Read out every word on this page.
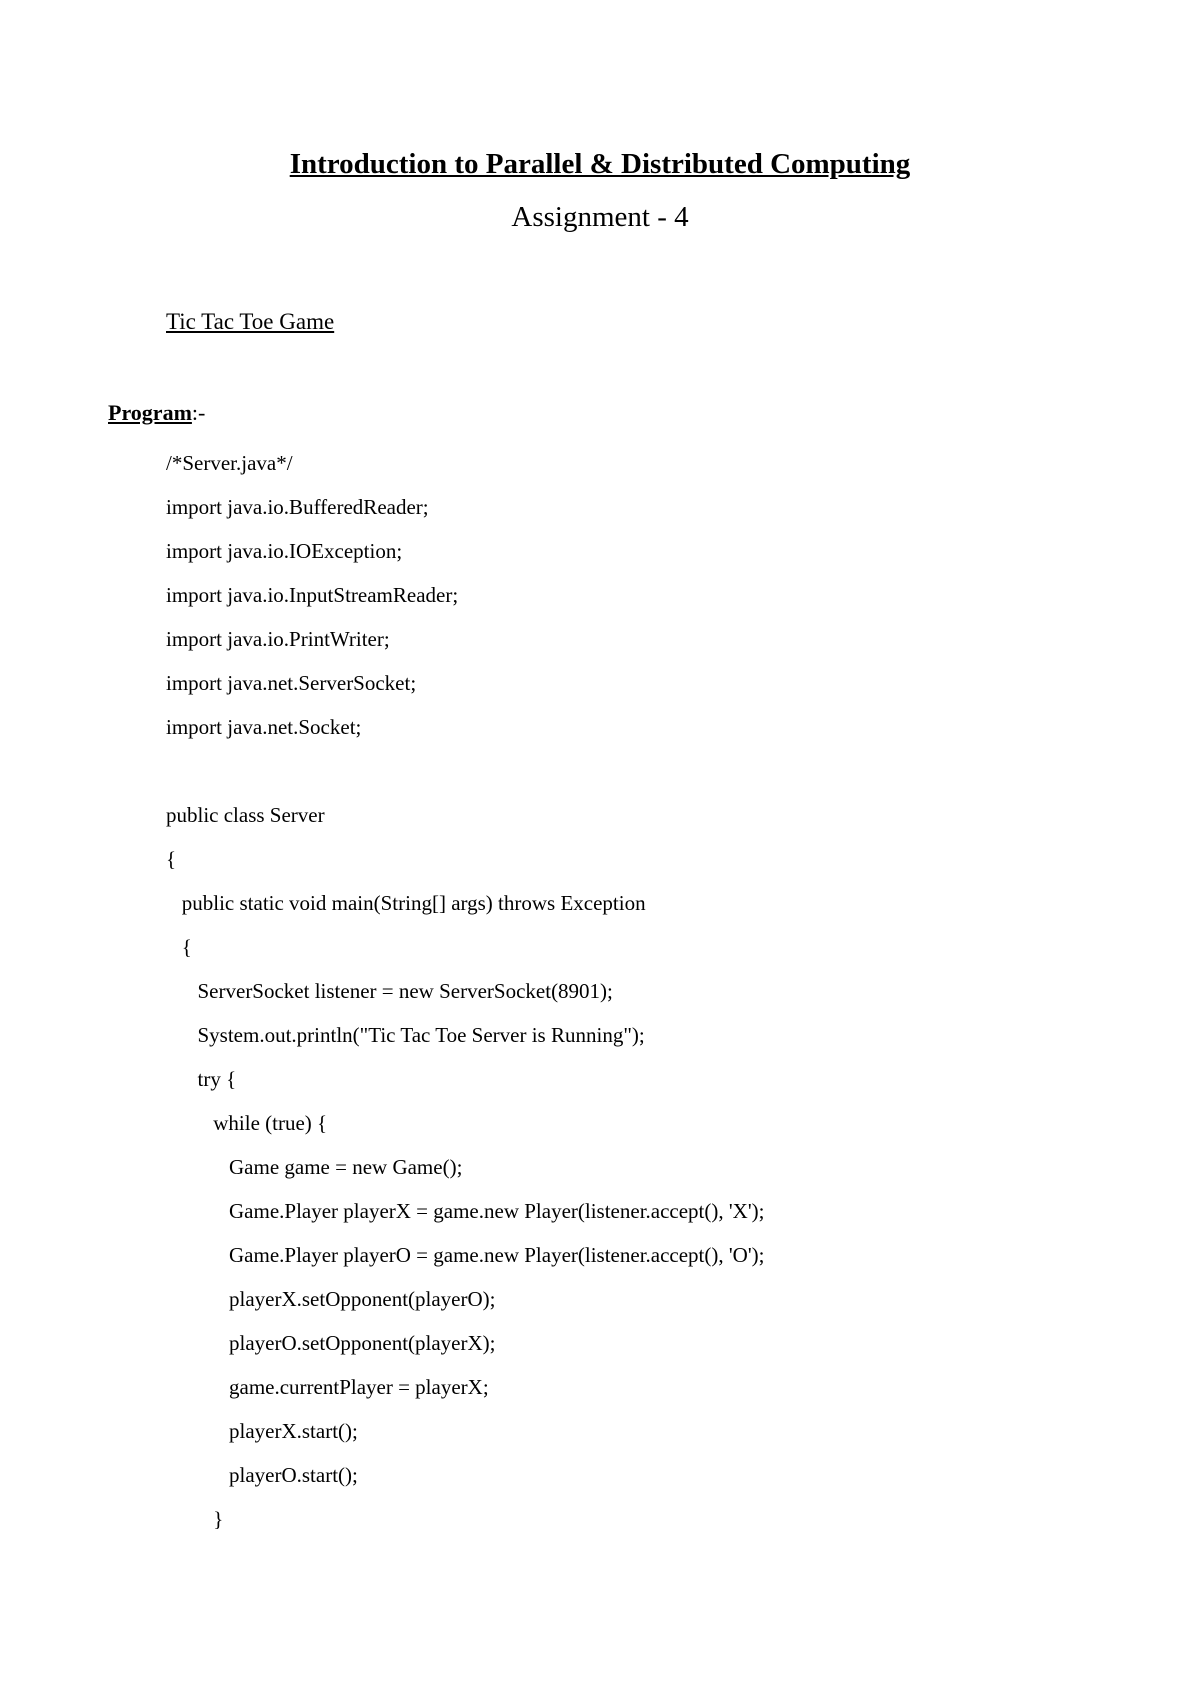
Introduction to Parallel & Distributed Computing
Assignment - 4
Tic Tac Toe Game
Program:-
/*Server.java*/
import java.io.BufferedReader;
import java.io.IOException;
import java.io.InputStreamReader;
import java.io.PrintWriter;
import java.net.ServerSocket;
import java.net.Socket;
public class Server
{
public static void main(String[] args) throws Exception
{
ServerSocket listener = new ServerSocket(8901);
System.out.println("Tic Tac Toe Server is Running");
try {
while (true) {
Game game = new Game();
Game.Player playerX = game.new Player(listener.accept(), 'X');
Game.Player playerO = game.new Player(listener.accept(), 'O');
playerX.setOpponent(playerO);
playerO.setOpponent(playerX);
game.currentPlayer = playerX;
playerX.start();
playerO.start();
}
